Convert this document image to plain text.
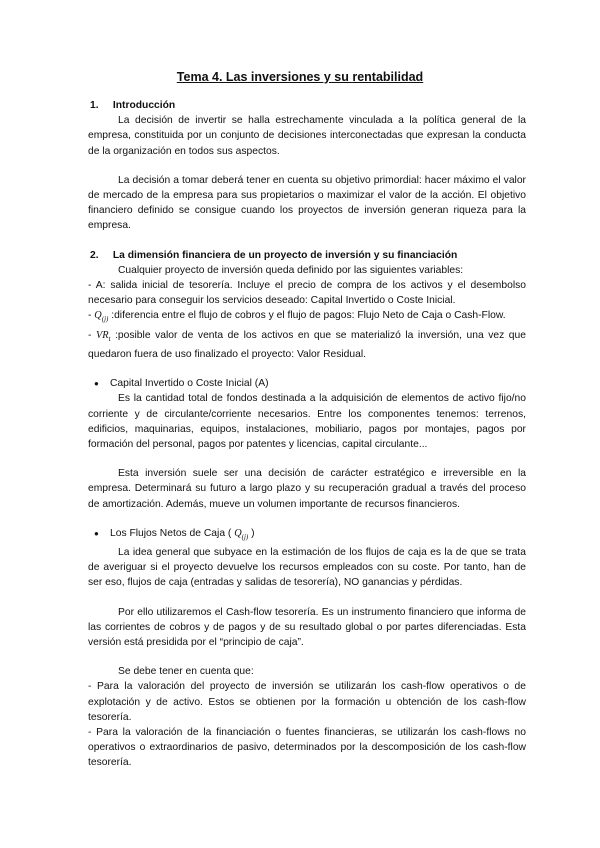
Tema 4. Las inversiones y su rentabilidad
1. Introducción

La decisión de invertir se halla estrechamente vinculada a la política general de la empresa, constituida por un conjunto de decisiones interconectadas que expresan la conducta de la organización en todos sus aspectos.

La decisión a tomar deberá tener en cuenta su objetivo primordial: hacer máximo el valor de mercado de la empresa para sus propietarios o maximizar el valor de la acción. El objetivo financiero definido se consigue cuando los proyectos de inversión generan riqueza para la empresa.

2. La dimensión financiera de un proyecto de inversión y su financiación

Cualquier proyecto de inversión queda definido por las siguientes variables:

- A: salida inicial de tesorería. Incluye el precio de compra de los activos y el desembolso necesario para conseguir los servicios deseado: Capital Invertido o Coste Inicial.

- $Q_{(j)}$ :diferencia entre el flujo de cobros y el flujo de pagos: Flujo Neto de Caja o Cash-Flow.

- $VR_t$ :posible valor de venta de los activos en que se materializó la inversión, una vez que quedaron fuera de uso finalizado el proyecto: Valor Residual.

● Capital Invertido o Coste Inicial (A)

Es la cantidad total de fondos destinada a la adquisición de elementos de activo fijo/no corriente y de circulante/corriente necesarios. Entre los componentes tenemos: terrenos, edificios, maquinarias, equipos, instalaciones, mobiliario, pagos por montajes, pagos por formación del personal, pagos por patentes y licencias, capital circulante...

Esta inversión suele ser una decisión de carácter estratégico e irreversible en la empresa. Determinará su futuro a largo plazo y su recuperación gradual a través del proceso de amortización. Además, mueve un volumen importante de recursos financieros.

● Los Flujos Netos de Caja ( $Q_{(j)}$ )

La idea general que subyace en la estimación de los flujos de caja es la de que se trata de averiguar si el proyecto devuelve los recursos empleados con su coste. Por tanto, han de ser eso, flujos de caja (entradas y salidas de tesorería), NO ganancias y pérdidas.

Por ello utilizaremos el Cash-flow tesorería. Es un instrumento financiero que informa de las corrientes de cobros y de pagos y de su resultado global o por partes diferenciadas. Esta versión está presidida por el “principio de caja”.

Se debe tener en cuenta que:

- Para la valoración del proyecto de inversión se utilizarán los cash-flow operativos o de explotación y de activo. Estos se obtienen por la formación u obtención de los cash-flow tesorería.

- Para la valoración de la financiación o fuentes financieras, se utilizarán los cash-flows no operativos o extraordinarios de pasivo, determinados por la descomposición de los cash-flow tesorería.
